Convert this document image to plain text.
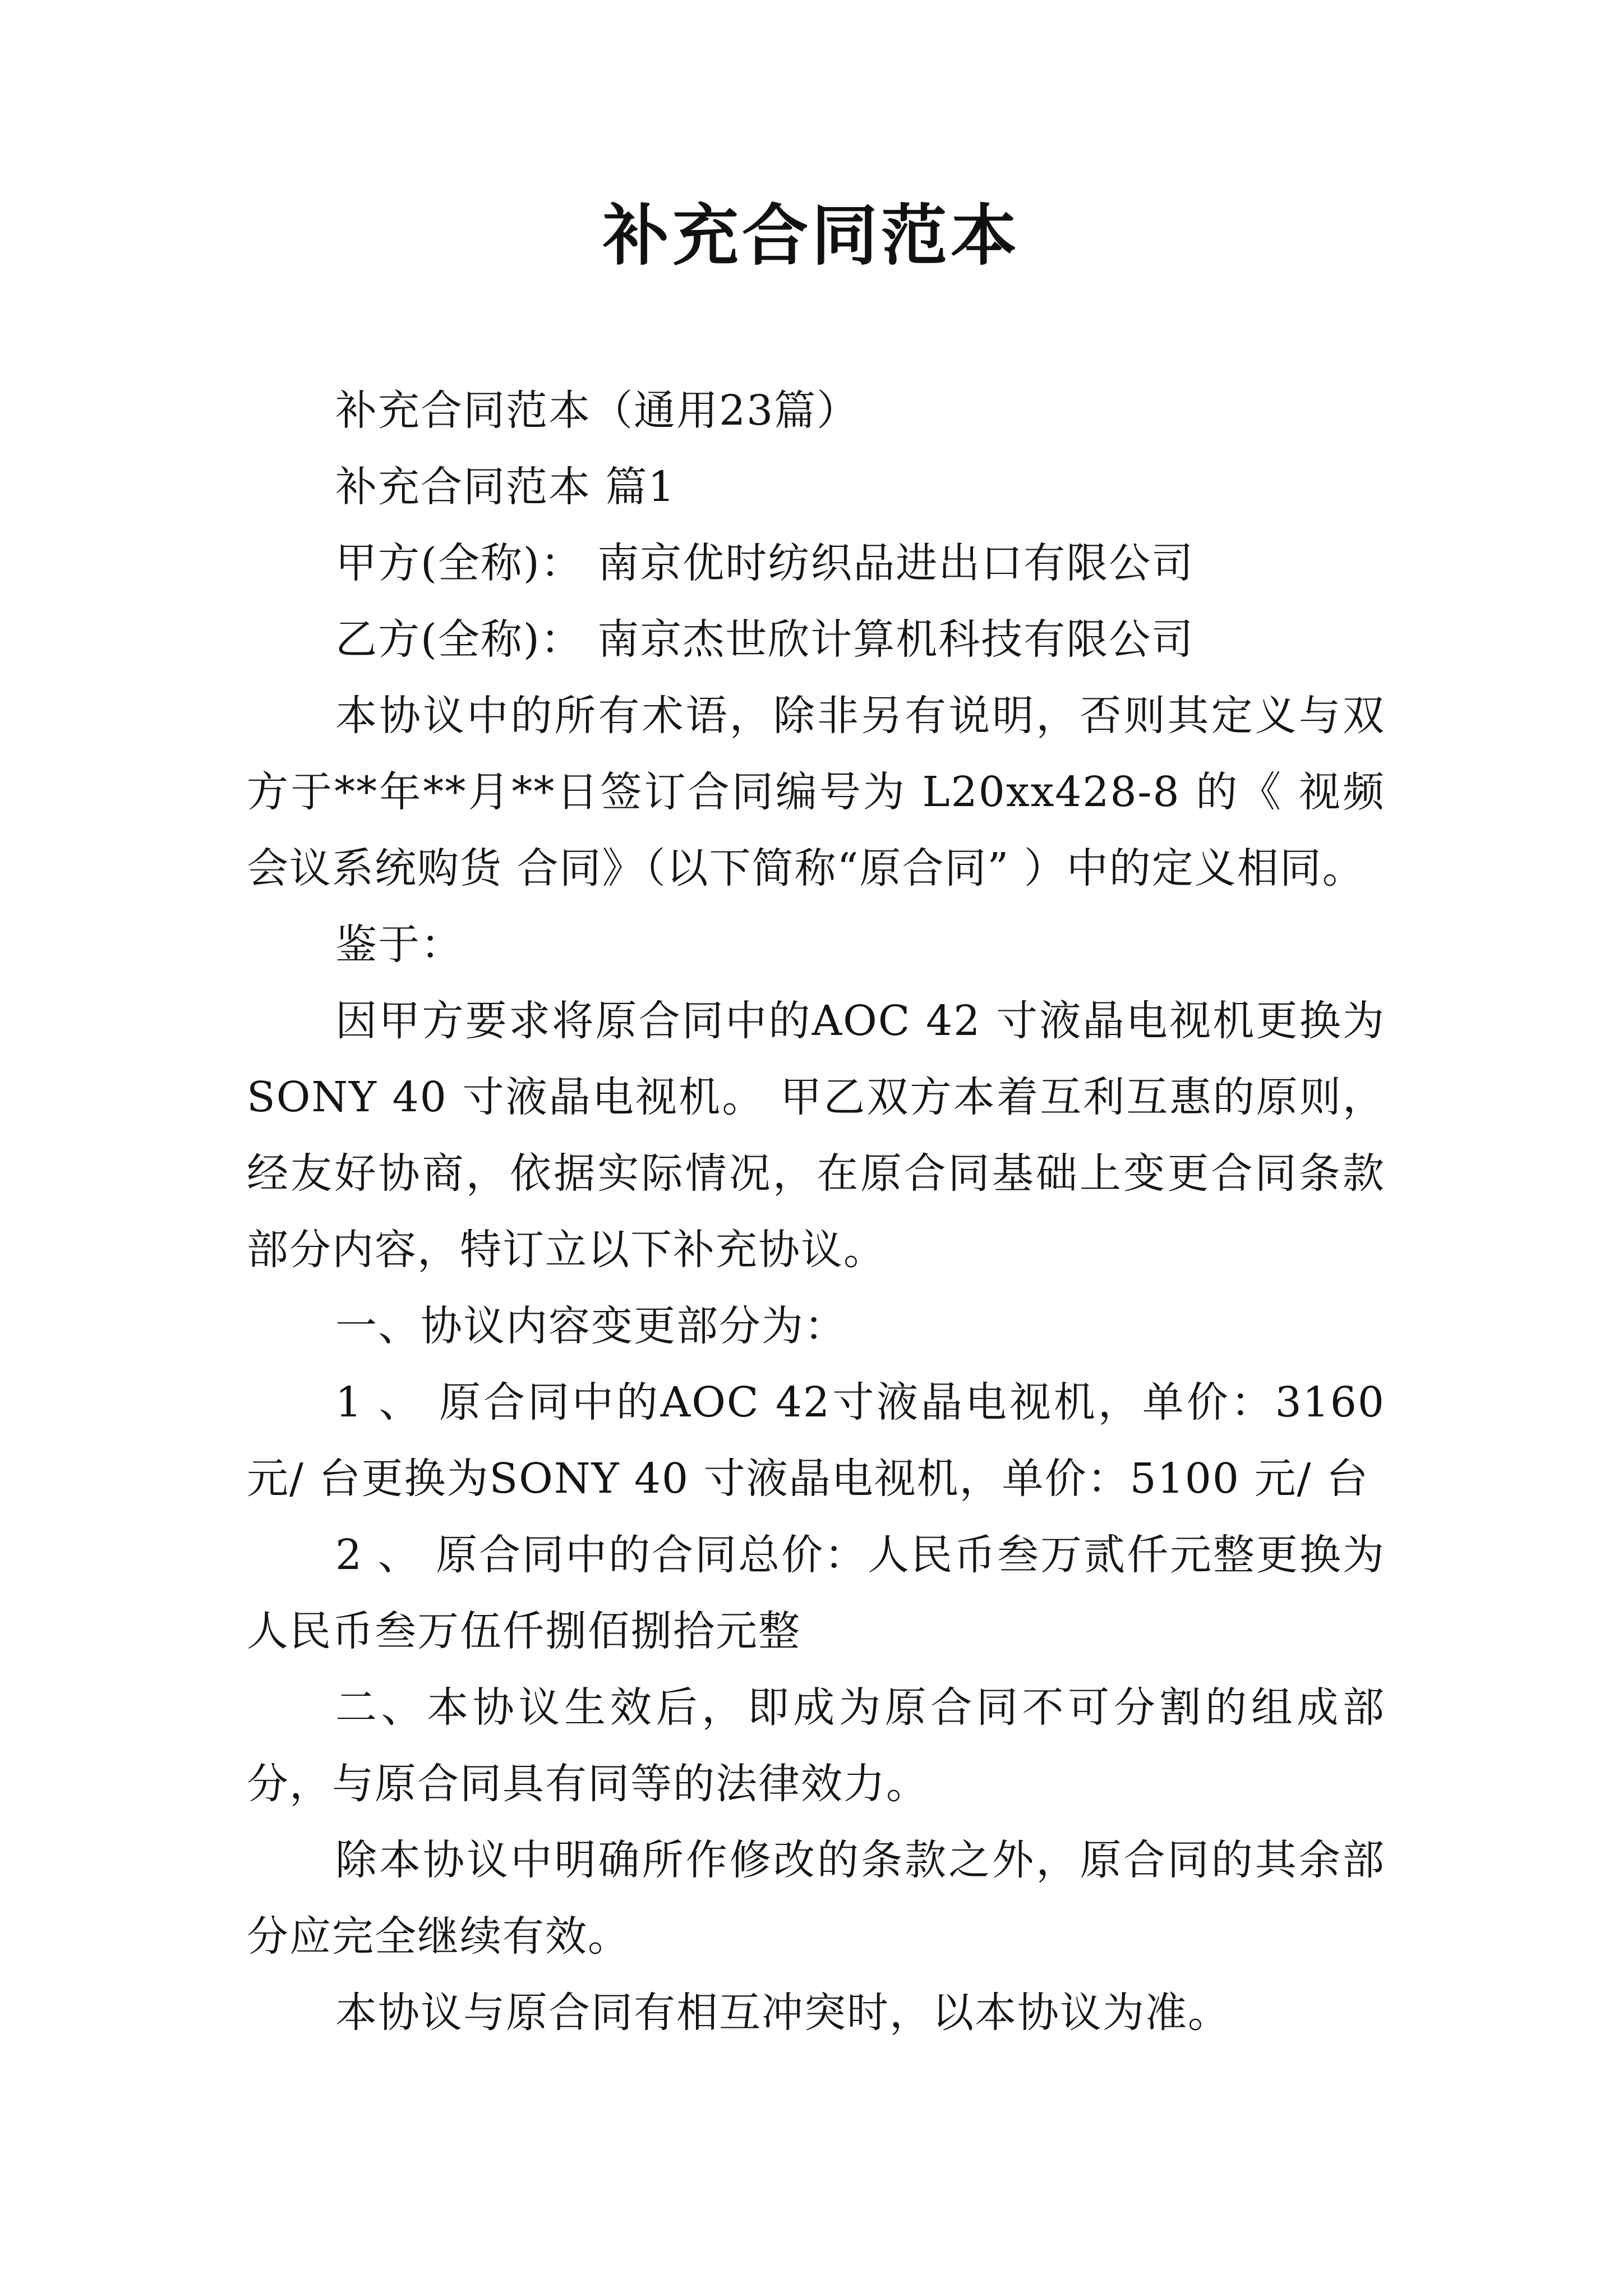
补充合同范本

补充合同范本（通用23篇）

补充合同范本 篇1

甲方(全称)： 南京优时纺织品进出口有限公司

乙方(全称)： 南京杰世欣计算机科技有限公司

本协议中的所有术语，除非另有说明，否则其定义与双方于**年**月**日签订合同编号为 L20xx428-8 的《 视频会议系统购货 合同》（以下简称“原合同” ）中的定义相同。

鉴于：

因甲方要求将原合同中的AOC 42 寸液晶电视机更换为 SONY 40 寸液晶电视机。 甲乙双方本着互利互惠的原则，经友好协商，依据实际情况，在原合同基础上变更合同条款部分内容，特订立以下补充协议。

一、协议内容变更部分为：

1 、 原合同中的AOC 42寸液晶电视机，单价：3160元/ 台更换为SONY 40 寸液晶电视机，单价：5100 元/ 台

2 、 原合同中的合同总价：人民币叁万贰仟元整更换为人民币叁万伍仟捌佰捌拾元整

二、本协议生效后，即成为原合同不可分割的组成部分，与原合同具有同等的法律效力。

除本协议中明确所作修改的条款之外，原合同的其余部分应完全继续有效。

本协议与原合同有相互冲突时，以本协议为准。
